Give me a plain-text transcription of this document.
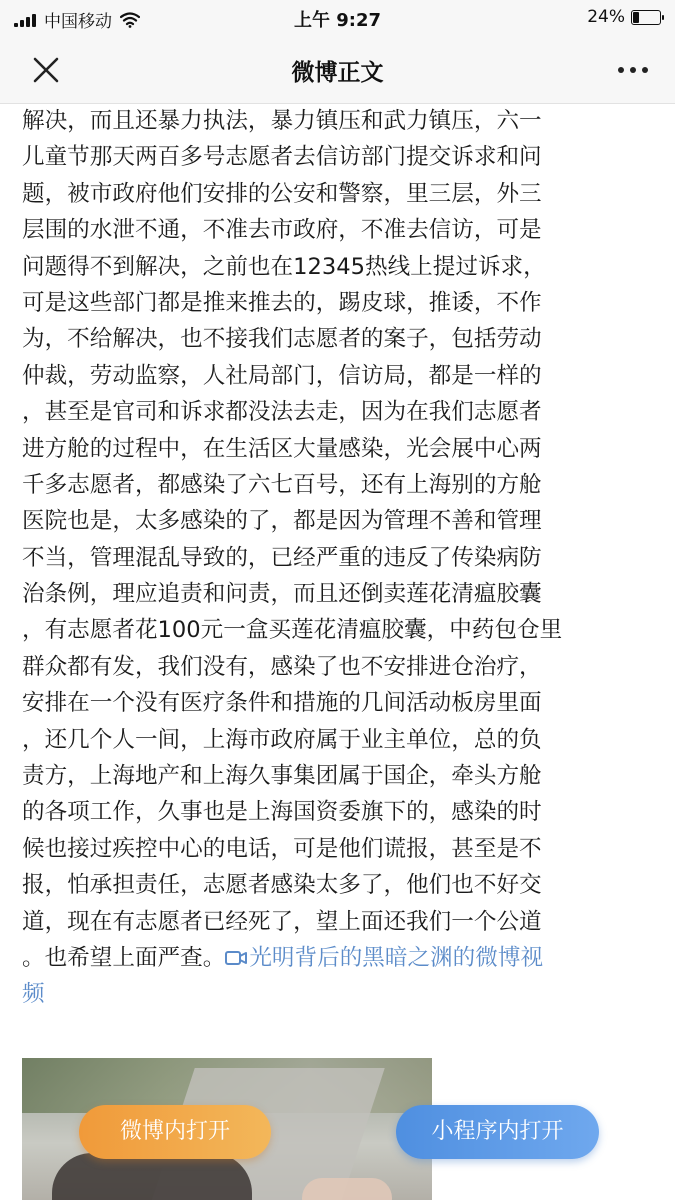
中国移动	上午 9:27	24%
微博正文

解决，而且还暴力执法，暴力镇压和武力镇压，六一

儿童节那天两百多号志愿者去信访部门提交诉求和问

题，被市政府他们安排的公安和警察，里三层，外三

层围的水泄不通，不准去市政府，不准去信访，可是

问题得不到解决，之前也在12345热线上提过诉求，

可是这些部门都是推来推去的，踢皮球，推诿，不作

为，不给解决，也不接我们志愿者的案子，包括劳动

仲裁，劳动监察，人社局部门，信访局，都是一样的

，甚至是官司和诉求都没法去走，因为在我们志愿者

进方舱的过程中，在生活区大量感染，光会展中心两

千多志愿者，都感染了六七百号，还有上海别的方舱

医院也是，太多感染的了，都是因为管理不善和管理

不当，管理混乱导致的，已经严重的违反了传染病防

治条例，理应追责和问责，而且还倒卖莲花清瘟胶囊

，有志愿者花100元一盒买莲花清瘟胶囊，中药包仓里

群众都有发，我们没有，感染了也不安排进仓治疗，

安排在一个没有医疗条件和措施的几间活动板房里面

，还几个人一间，上海市政府属于业主单位，总的负

责方，上海地产和上海久事集团属于国企，牵头方舱

的各项工作，久事也是上海国资委旗下的，感染的时

候也接过疾控中心的电话，可是他们谎报，甚至是不

报，怕承担责任，志愿者感染太多了，他们也不好交

道，现在有志愿者已经死了，望上面还我们一个公道

。也希望上面严查。 光明背后的黑暗之渊的微博视

频

微博内打开	小程序内打开
